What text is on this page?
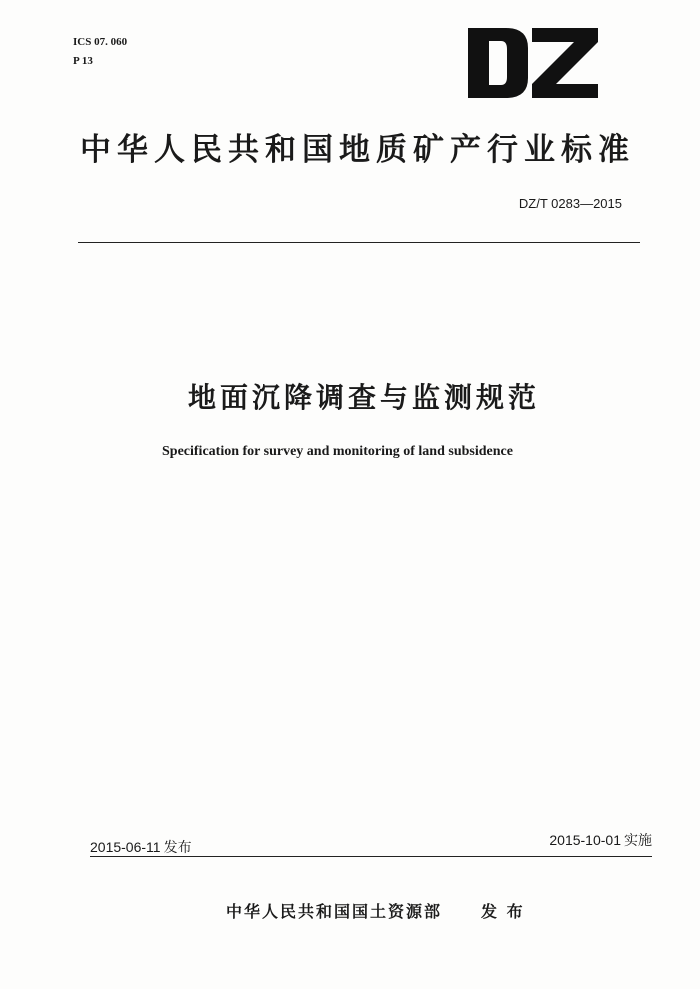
ICS 07. 060
P 13
中华人民共和国地质矿产行业标准
DZ/T 0283—2015
地面沉降调查与监测规范
Specification for survey and monitoring of land subsidence
2015-06-11 发布	2015-10-01 实施
中华人民共和国国土资源部 发 布
